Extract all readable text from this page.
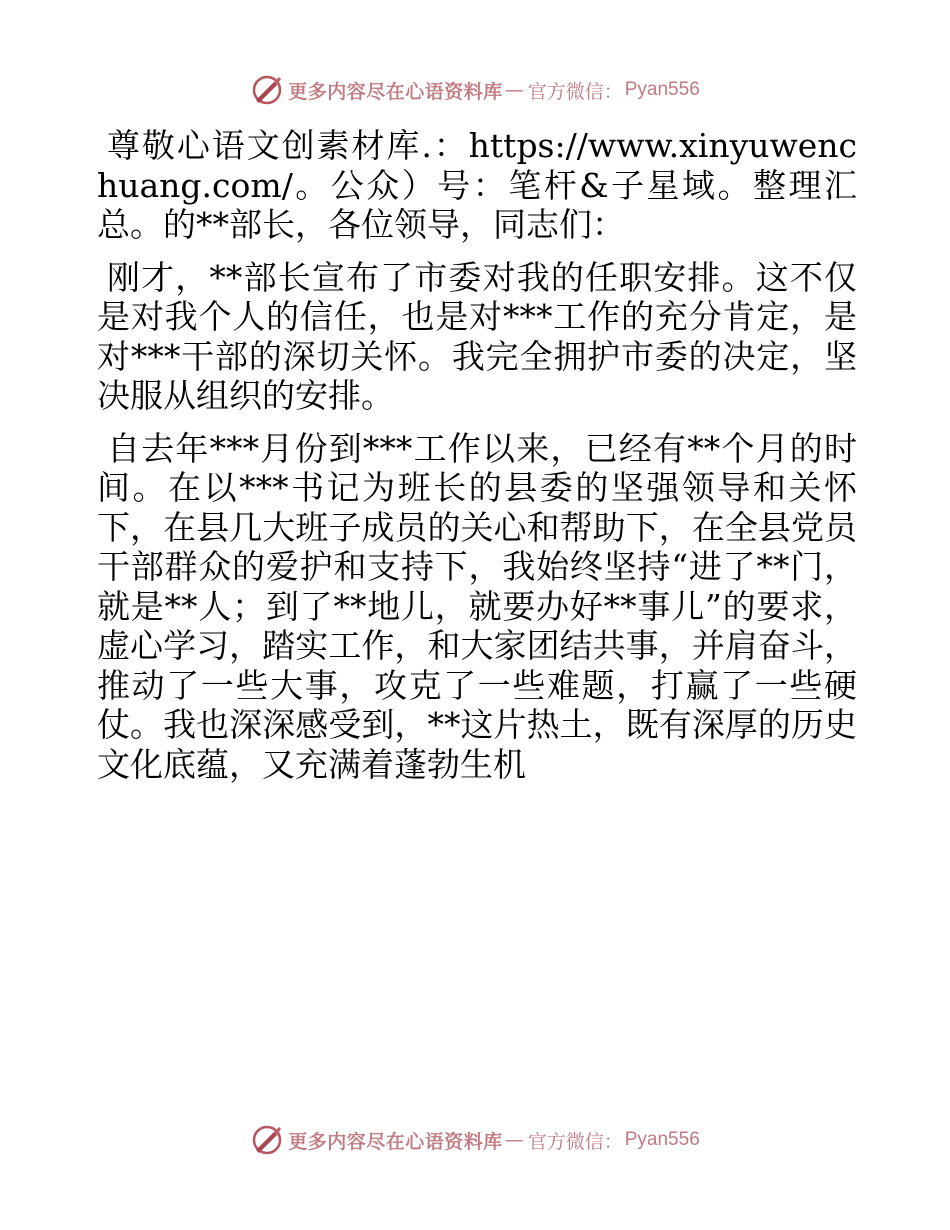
更多内容尽在心语资料库 — 官方微信： Pyan556

尊敬心语文创素材库.：https://www.xinyuwenchuang.com/。公众）号：笔杆&子星域。整理汇总。的**部长，各位领导，同志们：

刚才，**部长宣布了市委对我的任职安排。这不仅是对我个人的信任，也是对***工作的充分肯定，是对***干部的深切关怀。我完全拥护市委的决定，坚决服从组织的安排。

自去年***月份到***工作以来，已经有**个月的时间。在以***书记为班长的县委的坚强领导和关怀下，在县几大班子成员的关心和帮助下，在全县党员干部群众的爱护和支持下，我始终坚持“进了**门，就是**人；到了**地儿，就要办好**事儿”的要求，虚心学习，踏实工作，和大家团结共事，并肩奋斗，推动了一些大事，攻克了一些难题，打赢了一些硬仗。我也深深感受到，**这片热土，既有深厚的历史文化底蕴，又充满着蓬勃生机

更多内容尽在心语资料库 — 官方微信： Pyan556
